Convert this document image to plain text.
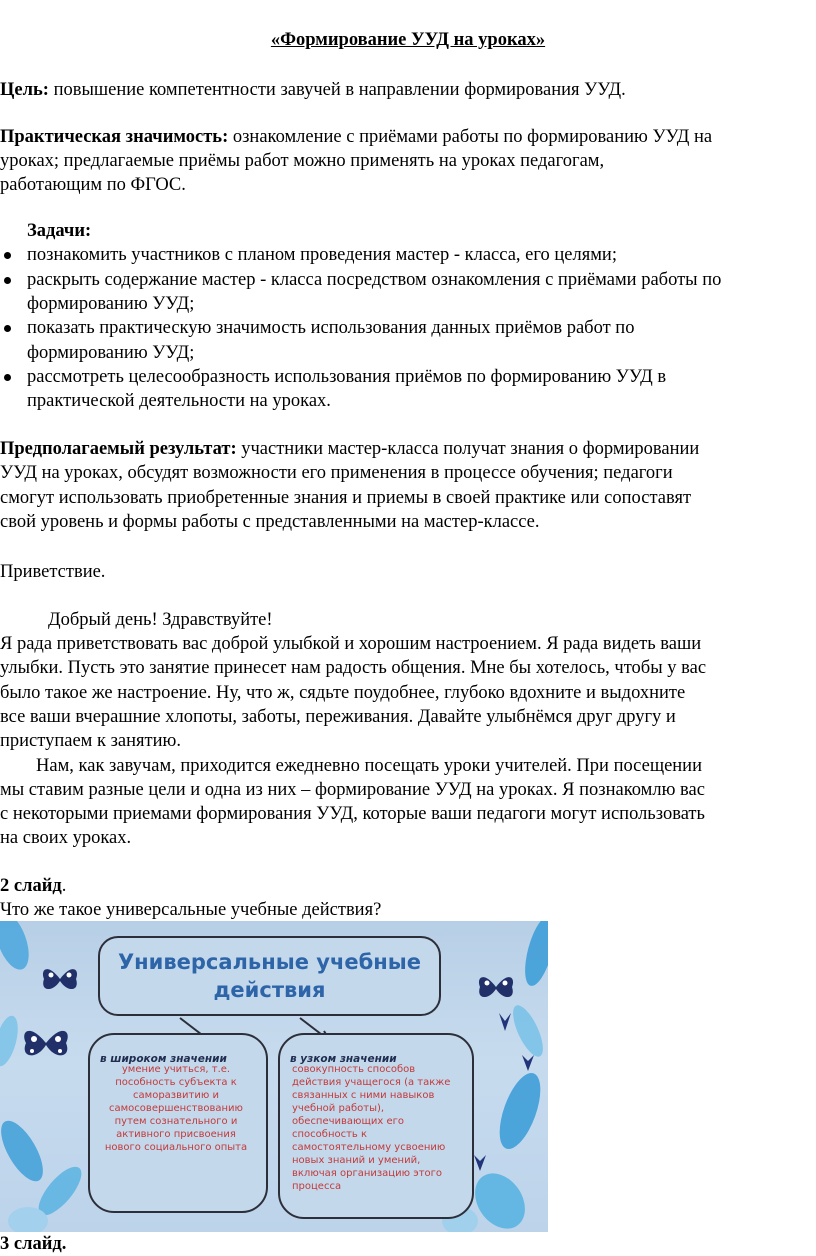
«Формирование УУД на уроках»
Цель: повышение компетентности завучей в направлении формирования УУД.
Практическая значимость: ознакомление с приёмами работы по формированию УУД на
уроках; предлагаемые приёмы работ можно применять на уроках педагогам,
работающим по ФГОС.
Задачи:
познакомить участников с планом проведения мастер - класса, его целями;
раскрыть содержание мастер - класса посредством ознакомления с приёмами работы по
формированию УУД;
показать практическую значимость использования данных приёмов работ по
формированию УУД;
рассмотреть целесообразность использования приёмов по формированию УУД в
практической деятельности на уроках.
Предполагаемый результат: участники мастер-класса получат знания о формировании
УУД на уроках, обсудят возможности его применения в процессе обучения; педагоги
смогут использовать приобретенные знания и приемы в своей практике или сопоставят
свой уровень и формы работы с представленными на мастер-классе.
Приветствие.
Добрый день! Здравствуйте!
Я рада приветствовать вас доброй улыбкой и хорошим настроением. Я рада видеть ваши
улыбки. Пусть это занятие принесет нам радость общения. Мне бы хотелось, чтобы у вас
было такое же настроение. Ну, что ж, сядьте поудобнее, глубоко вдохните и выдохните
все ваши вчерашние хлопоты, заботы, переживания. Давайте улыбнёмся друг другу и
приступаем к занятию.
Нам, как завучам, приходится ежедневно посещать уроки учителей. При посещении
мы ставим разные цели и одна из них – формирование УУД на уроках. Я познакомлю вас
с некоторыми приемами формирования УУД, которые ваши педагоги могут использовать
на своих уроках.
2 слайд.
Что же такое универсальные учебные действия?
Универсальные учебные
действия
в широком значении
умение учиться, т.е.
пособность субъекта к
саморазвитию и
самосовершенствованию
путем сознательного и
активного присвоения
нового социального опыта
в узком значении
совокупность способов
действия учащегося (а также
связанных с ними навыков
учебной работы),
обеспечивающих его
способность к
самостоятельному усвоению
новых знаний и умений,
включая организацию этого
процесса
3 слайд.
